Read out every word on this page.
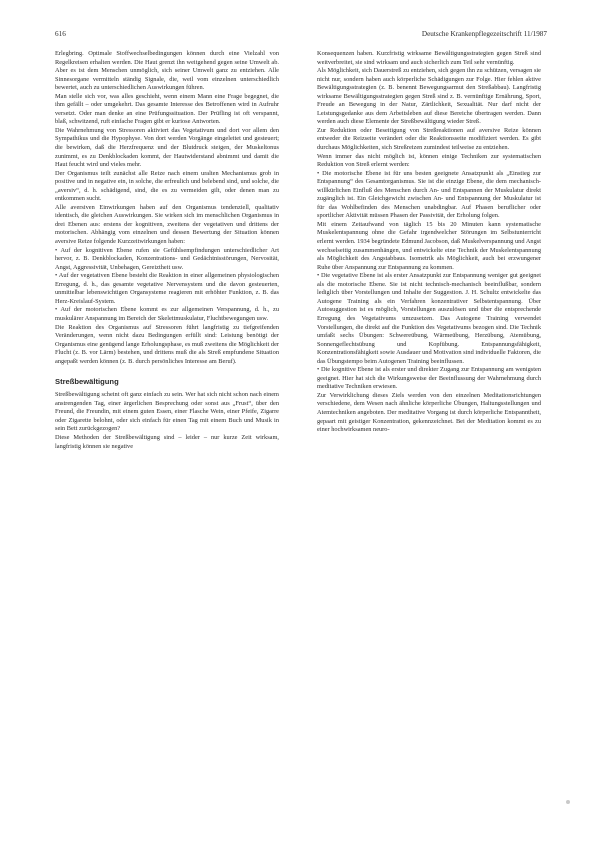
616	Deutsche Krankenpflegezeitschrift 11/1987

Erlegbring. Optimale Stoffwechselbedingungen können durch eine Vielzahl von Regelkreisen erhalten werden. Die Haut grenzt ihn weitgehend gegen seine Umwelt ab. Aber es ist dem Menschen unmöglich, sich seiner Umwelt ganz zu entziehen. Alle Sinnesorgane vermitteln ständig Signale, die, weil vom einzelnen unterschiedlich bewertet, auch zu unterschiedlichen Auswirkungen führen.

Man stelle sich vor, was alles geschieht, wenn einem Mann eine Frage begegnet, die ihm gefällt – oder umgekehrt. Das gesamte Interesse des Betroffenen wird in Aufruhr versetzt. Oder man denke an eine Prüfungssituation. Der Prüfling ist oft verspannt, blaß, schwitzend, ruft einfache Fragen gibt er kuriose Antworten.

Die Wahrnehmung von Stressoren aktiviert das Vegetativum und dort vor allem den Sympathikus und die Hypophyse. Von dort werden Vorgänge eingeleitet und gesteuert; die bewirken, daß die Herzfrequenz und der Blutdruck steigen, der Muskeltonus zunimmt, es zu Denkblockaden kommt, der Hautwiderstand abnimmt und damit die Haut feucht wird und vieles mehr.

Der Organismus teilt zunächst alle Reize nach einem uralten Mechanismus grob in positive und in negative ein, in solche, die erfreulich und belebend sind, und solche, die „aversiv“, d. h. schädigend, sind, die es zu vermeiden gilt, oder denen man zu entkommen sucht.

Alle aversiven Einwirkungen haben auf den Organismus tendenziell, qualitativ identisch, die gleichen Auswirkungen. Sie wirken sich im menschlichen Organismus in drei Ebenen aus: erstens der kognitiven, zweitens der vegetativen und drittens der motorischen. Abhängig vom einzelnen und dessen Bewertung der Situation können aversive Reize folgende Kurzzeitwirkungen haben:

• Auf der kognitiven Ebene rufen sie Gefühlsempfindungen unterschiedlicher Art hervor, z. B. Denkblockaden, Konzentrations- und Gedächtnisstörungen, Nervosität, Angst, Aggressivität, Unbehagen, Gereiztheit usw.

• Auf der vegetativen Ebene besteht die Reaktion in einer allgemeinen physiologischen Erregung, d. h., das gesamte vegetative Nervensystem und die davon gesteuerten, unmittelbar lebenswichtigen Organsysteme reagieren mit erhöhter Funktion, z. B. das Herz-Kreislauf-System.

• Auf der motorischen Ebene kommt es zur allgemeinen Verspannung, d. h., zu muskulärer Anspannung im Bereich der Skelettmuskulatur, Fluchtbewegungen usw.

Die Reaktion des Organismus auf Stressoren führt langfristig zu tiefgreifenden Veränderungen, wenn nicht dazu Bedingungen erfüllt sind: Leistung benötigt der Organismus eine genügend lange Erholungsphase, es muß zweitens die Möglichkeit der Flucht (z. B. vor Lärm) bestehen, und drittens muß die als Streß empfundene Situation angepaßt werden können (z. B. durch persönliches Interesse am Beruf).

Streßbewältigung

Streßbewältigung scheint oft ganz einfach zu sein. Wer hat sich nicht schon nach einem anstrengenden Tag, einer ärgerlichen Besprechung oder sonst aus „Frust“, über den Freund, die Freundin, mit einem guten Essen, einer Flasche Wein, einer Pfeife, Zigarre oder Zigarette belohnt, oder sich einfach für einen Tag mit einem Buch und Musik in sein Bett zurückgezogen?

Diese Methoden der Streßbewältigung sind – leider – nur kurze Zeit wirksam, langfristig können sie negative

Konsequenzen haben. Kurzfristig wirksame Bewältigungsstrategien gegen Streß sind weitverbreitet, sie sind wirksam und auch sicherlich zum Teil sehr vernünftig.

Als Möglichkeit, sich Dauerstreß zu entziehen, sich gegen ihn zu schützen, versagen sie nicht nur, sondern haben auch körperliche Schädigungen zur Folge. Hier fehlen aktive Bewältigungsstrategien (z. B. benennt Bewegungsarmut den Streßabbau). Langfristig wirksame Bewältigungsstrategien gegen Streß sind z. B. vernünftige Ernährung, Sport, Freude an Bewegung in der Natur, Zärtlichkeit, Sexualität. Nur darf nicht der Leistungsgedanke aus dem Arbeitsleben auf diese Bereiche übertragen werden. Dann werden auch diese Elemente der Streßbewältigung wieder Streß.

Zur Reduktion oder Beseitigung von Streßreaktionen auf aversive Reize können entweder die Reizseite verändert oder die Reaktionsseite modifiziert werden. Es gibt durchaus Möglichkeiten, sich Streßreizen zumindest teilweise zu entziehen.

Wenn immer das nicht möglich ist, können einige Techniken zur systematischen Reduktion von Streß erlernt werden:

• Die motorische Ebene ist für uns besten geeignete Ansatzpunkt als „Einstieg zur Entspannung“ des Gesamtorganismus. Sie ist die einzige Ebene, die dem mechanisch-willkürlichen Einfluß des Menschen durch An- und Entspannen der Muskulatur direkt zugänglich ist. Ein Gleichgewicht zwischen An- und Entspannung der Muskulatur ist für das Wohlbefinden des Menschen unabdingbar. Auf Phasen beruflicher oder sportlicher Aktivität müssen Phasen der Passivität, der Erholung folgen.

Mit einem Zeitaufwand von täglich 15 bis 20 Minuten kann systematische Muskelentspannung ohne die Gefahr irgendwelcher Störungen im Selbstunterricht erlernt werden. 1934 begründete Edmund Jacobson, daß Muskelverspannung und Angst wechselseitig zusammenhängen, und entwickelte eine Technik der Muskelentspannung als Möglichkeit des Angstabbaus. Isometrik als Möglichkeit, auch bei erzwungener Ruhe über Anspannung zur Entspannung zu kommen.

• Die vegetative Ebene ist als erster Ansatzpunkt zur Entspannung weniger gut geeignet als die motorische Ebene. Sie ist nicht technisch-mechanisch beeinflußbar, sondern lediglich über Vorstellungen und Inhalte der Suggestion. J. H. Schultz entwickelte das Autogene Training als ein Verfahren konzentrativer Selbstentspannung. Über Autosuggestion ist es möglich, Vorstellungen auszulösen und über die entsprechende Erregung des Vegetativums umzusetzen. Das Autogene Training verwendet Vorstellungen, die direkt auf die Funktion des Vegetativums bezogen sind. Die Technik umfaßt sechs Übungen: Schwereübung, Wärmeübung, Herzübung, Atemübung, Sonnengeflechtsübung und Kopfübung. Entspannungsfähigkeit, Konzentrationsfähigkeit sowie Ausdauer und Motivation sind individuelle Faktoren, die das Übungstempo beim Autogenen Training beeinflussen.

• Die kognitive Ebene ist als erster und direkter Zugang zur Entspannung am wenigsten geeignet. Hier hat sich die Wirkungsweise der Beeinflussung der Wahrnehmung durch meditative Techniken erwiesen.

Zur Verwirklichung dieses Ziels werden von den einzelnen Meditationsrichtungen verschiedene, dem Wesen nach ähnliche körperliche Übungen, Haltungsstellungen und Atemtechniken angeboten. Der meditative Vorgang ist durch körperliche Entspanntheit, gepaart mit geistiger Konzentration, gekennzeichnet. Bei der Meditation kommt es zu einer hochwirksamen neuro-
